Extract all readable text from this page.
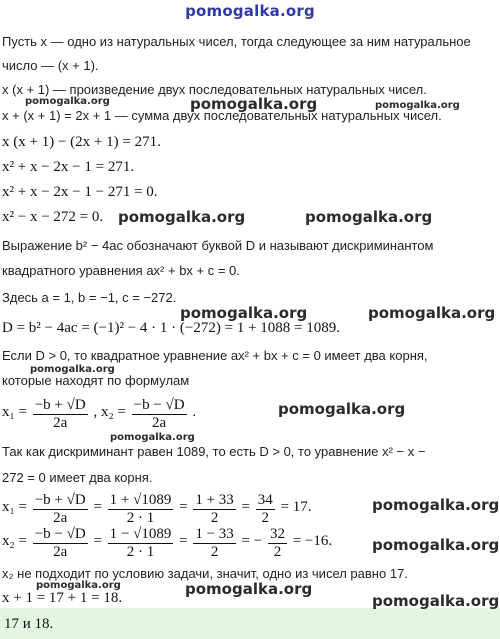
pomogalka.org
Пусть x — одно из натуральных чисел, тогда следующее за ним натуральное
число — (x + 1).
x (x + 1) — произведение двух последовательных натуральных чисел.
x + (x + 1) = 2x + 1 — сумма двух последовательных натуральных чисел.
x (x + 1) − (2x + 1) = 271.
x² + x − 2x − 1 = 271.
x² + x − 2x − 1 − 271 = 0.
x² − x − 272 = 0.
Выражение b² − 4ac обозначают буквой D и называют дискриминантом
квадратного уравнения ax² + bx + c = 0.
Здесь a = 1, b = −1, c = −272.
D = b² − 4ac = (−1)² − 4 · 1 · (−272) = 1 + 1088 = 1089.
Если D > 0, то квадратное уравнение ax² + bx + c = 0 имеет два корня,
которые находят по формулам
$x_1 = \frac{-b + √D}{2a}$ , $x_2 = \frac{-b - √D}{2a}$ .
Так как дискриминант равен 1089, то есть D > 0, то уравнение x² − x −
272 = 0 имеет два корня.
$x_1 = \frac{-b + √D}{2a} = \frac{1 + √1089}{2 \cdot 1} = \frac{1 + 33}{2} = \frac{34}{2} = 17$.
$x_2 = \frac{-b - √D}{2a} = \frac{1 - √1089}{2 \cdot 1} = \frac{1 - 33}{2}$ = − $\frac{32}{2} = -16$.
x₂ не подходит по условию задачи, значит, одно из чисел равно 17.
x + 1 = 17 + 1 = 18.
17 и 18.
pomogalka.org	pomogalka.org	pomogalka.org
pomogalka.org	pomogalka.org
pomogalka.org	pomogalka.org
pomogalka.org
pomogalka.org
pomogalka.org
pomogalka.org
pomogalka.org
pomogalka.org	pomogalka.org
pomogalka.org
